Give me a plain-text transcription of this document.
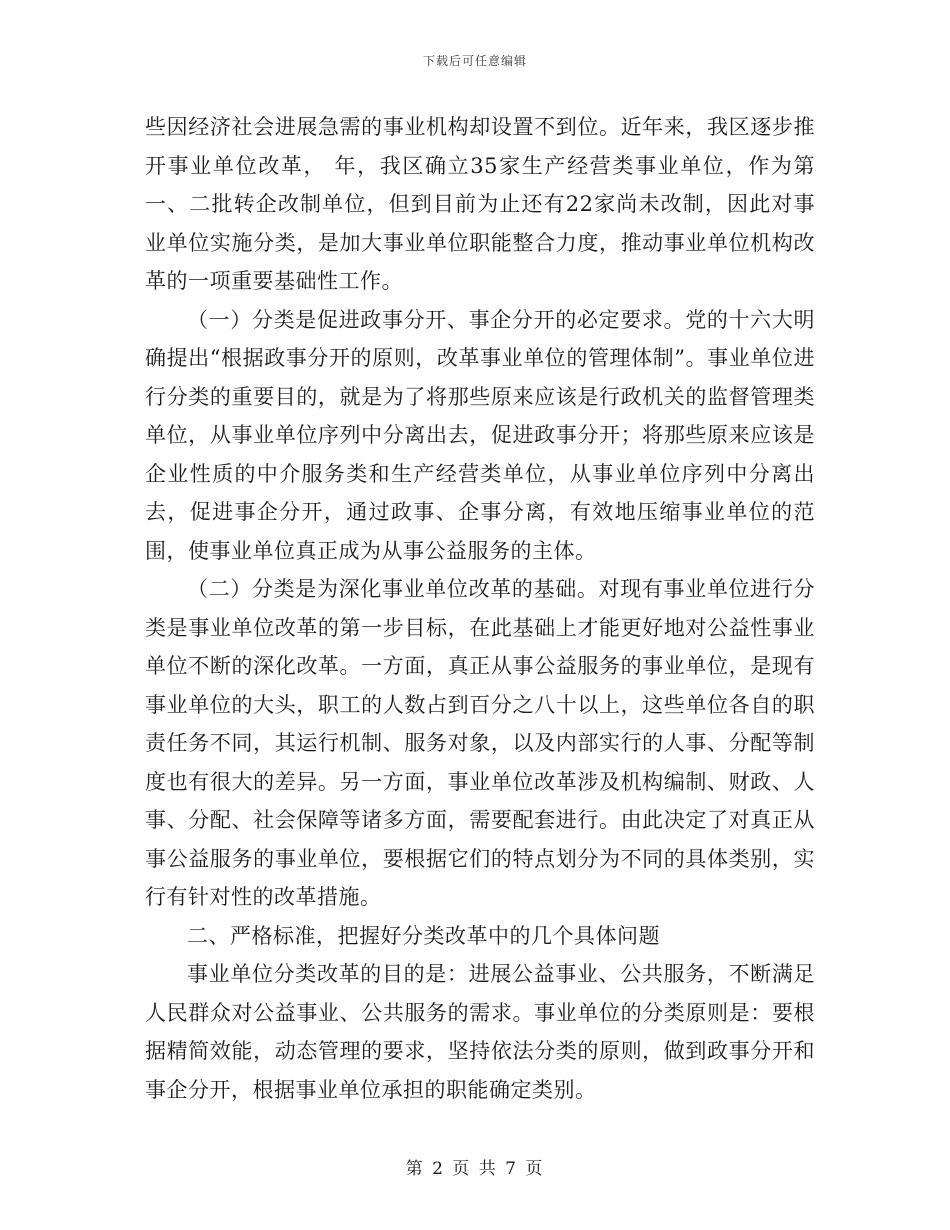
下载后可任意编辑

些因经济社会进展急需的事业机构却设置不到位。近年来，我区逐步推开事业单位改革， 年，我区确立35家生产经营类事业单位，作为第一、二批转企改制单位，但到目前为止还有22家尚未改制，因此对事业单位实施分类，是加大事业单位职能整合力度，推动事业单位机构改革的一项重要基础性工作。

（一）分类是促进政事分开、事企分开的必定要求。党的十六大明确提出“根据政事分开的原则，改革事业单位的管理体制”。事业单位进行分类的重要目的，就是为了将那些原来应该是行政机关的监督管理类单位，从事业单位序列中分离出去，促进政事分开；将那些原来应该是企业性质的中介服务类和生产经营类单位，从事业单位序列中分离出去，促进事企分开，通过政事、企事分离，有效地压缩事业单位的范围，使事业单位真正成为从事公益服务的主体。

（二）分类是为深化事业单位改革的基础。对现有事业单位进行分类是事业单位改革的第一步目标，在此基础上才能更好地对公益性事业单位不断的深化改革。一方面，真正从事公益服务的事业单位，是现有事业单位的大头，职工的人数占到百分之八十以上，这些单位各自的职责任务不同，其运行机制、服务对象，以及内部实行的人事、分配等制度也有很大的差异。另一方面，事业单位改革涉及机构编制、财政、人事、分配、社会保障等诸多方面，需要配套进行。由此决定了对真正从事公益服务的事业单位，要根据它们的特点划分为不同的具体类别，实行有针对性的改革措施。

二、严格标准，把握好分类改革中的几个具体问题

事业单位分类改革的目的是：进展公益事业、公共服务，不断满足人民群众对公益事业、公共服务的需求。事业单位的分类原则是：要根据精简效能，动态管理的要求，坚持依法分类的原则，做到政事分开和事企分开，根据事业单位承担的职能确定类别。

第 2 页 共 7 页
